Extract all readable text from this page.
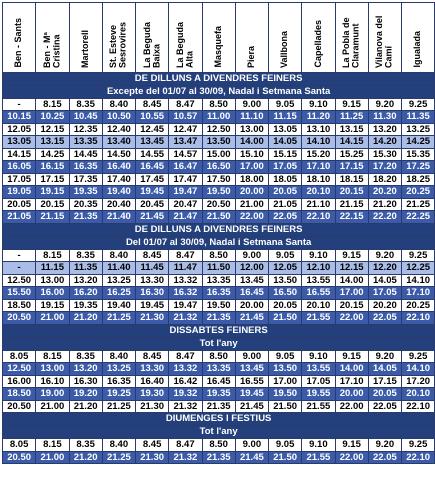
Ben - Sants	Ben - Mª Cristina	Martorell	St. Esteve Sesrovires	La Beguda Baixa	La Beguda Alta	Masquefa	Piera	Vallbona	Capellades	La Pobla de Claramunt	Vilanova del Camí	Igualada
DE DILLUNS A DIVENDRES FEINERS												
Excepte del 01/07 al 30/09, Nadal i Setmana Santa												
-	8.15	8.35	8.40	8.45	8.47	8.50	9.00	9.05	9.10	9.15	9.20	9.25
10.15	10.25	10.45	10.50	10.55	10.57	11.00	11.10	11.15	11.20	11.25	11.30	11.35
12.05	12.15	12.35	12.40	12.45	12.47	12.50	13.00	13.05	13.10	13.15	13.20	13.25
13.05	13.15	13.35	13.40	13.45	13.47	13.50	14.00	14.05	14.10	14.15	14.20	14.25
14.15	14.25	14.45	14.50	14.55	14.57	15.00	15.10	15.15	15.20	15.25	15.30	15.35
16.05	16.15	16.35	16.40	16.45	16.47	16.50	17.00	17.05	17.10	17.15	17.20	17.25
17.05	17.15	17.35	17.40	17.45	17.47	17.50	18.00	18.05	18.10	18.15	18.20	18.25
19.05	19.15	19.35	19.40	19.45	19.47	19.50	20.00	20.05	20.10	20.15	20.20	20.25
20.05	20.15	20.35	20.40	20.45	20.47	20.50	21.00	21.05	21.10	21.15	21.20	21.25
21.05	21.15	21.35	21.40	21.45	21.47	21.50	22.00	22.05	22.10	22.15	22.20	22.25
DE DILLUNS A DIVENDRES FEINERS												
Del 01/07 al 30/09, Nadal i Setmana Santa												
-	8.15	8.35	8.40	8.45	8.47	8.50	9.00	9.05	9.10	9.15	9.20	9.25
-	11.15	11.35	11.40	11.45	11.47	11.50	12.00	12.05	12.10	12.15	12.20	12.25
12.50	13.00	13.20	13.25	13.30	13.32	13.35	13.45	13.50	13.55	14.00	14.05	14.10
15.50	16.00	16.20	16.25	16.30	16.32	16.35	16.45	16.50	16.55	17.00	17.05	17.10
18.50	19.15	19.35	19.40	19.45	19.47	19.50	20.00	20.05	20.10	20.15	20.20	20.25
20.50	21.00	21.20	21.25	21.30	21.32	21.35	21.45	21.50	21.55	22.00	22.05	22.10
DISSABTES FEINERS												
Tot l'any												
8.05	8.15	8.35	8.40	8.45	8.47	8.50	9.00	9.05	9.10	9.15	9.20	9.25
12.50	13.00	13.20	13.25	13.30	13.32	13.35	13.45	13.50	13.55	14.00	14.05	14.10
16.00	16.10	16.30	16.35	16.40	16.42	16.45	16.55	17.00	17.05	17.10	17.15	17.20
18.50	19.00	19.20	19.25	19.30	19.32	19.35	19.45	19.50	19.55	20.00	20.05	20.10
20.50	21.00	21.20	21.25	21.30	21.32	21.35	21.45	21.50	21.55	22.00	22.05	22.10
DIUMENGES I FESTIUS												
Tot l'any												
8.05	8.15	8.35	8.40	8.45	8.47	8.50	9.00	9.05	9.10	9.15	9.20	9.25
20.50	21.00	21.20	21.25	21.30	21.32	21.35	21.45	21.50	21.55	22.00	22.05	22.10
